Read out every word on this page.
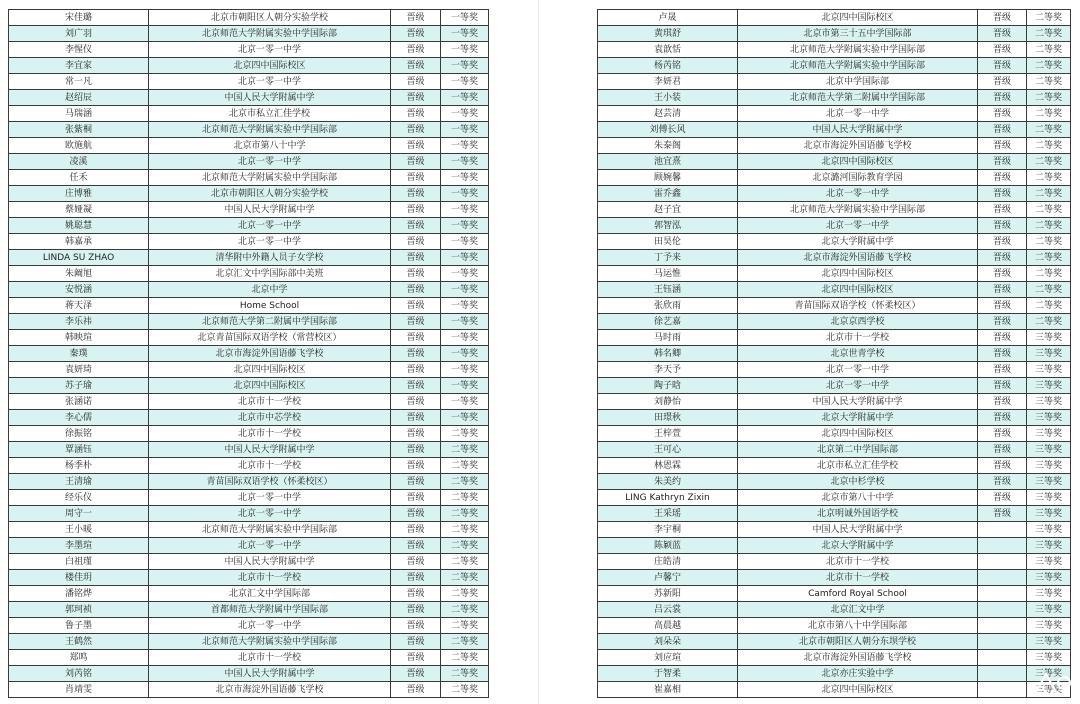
宋佳璐	北京市朝阳区人朝分实验学校	晋级	一等奖
刘广羽	北京师范大学附属实验中学国际部	晋级	一等奖
李惺仪	北京一零一中学	晋级	一等奖
李宜家	北京四中国际校区	晋级	一等奖
常一凡	北京一零一中学	晋级	一等奖
赵绍辰	中国人民大学附属中学	晋级	一等奖
马瑞涵	北京市私立汇佳学校	晋级	一等奖
张紫桐	北京师范大学附属实验中学国际部	晋级	一等奖
欧施航	北京市第八十中学	晋级	一等奖
凌溪	北京一零一中学	晋级	一等奖
任禾	北京师范大学附属实验中学国际部	晋级	一等奖
庄博雅	北京市朝阳区人朝分实验学校	晋级	一等奖
蔡娅凝	中国人民大学附属中学	晋级	一等奖
姚聪慧	北京一零一中学	晋级	一等奖
韩嘉承	北京一零一中学	晋级	一等奖
LINDA SU ZHAO	清华附中外籍人员子女学校	晋级	一等奖
朱阚旭	北京汇文中学国际部中美班	晋级	一等奖
安悦涵	北京中学	晋级	一等奖
蒋天泽	Home School	晋级	一等奖
李乐祎	北京师范大学第二附属中学国际部	晋级	一等奖
韩映瑄	北京青苗国际双语学校（常营校区）	晋级	一等奖
秦璞	北京市海淀外国语藤飞学校	晋级	一等奖
袁妍琦	北京四中国际校区	晋级	一等奖
苏子瑜	北京四中国际校区	晋级	一等奖
张涵诺	北京市十一学校	晋级	一等奖
李心儒	北京市中芯学校	晋级	一等奖
徐振铭	北京市十一学校	晋级	二等奖
覃涵钰	中国人民大学附属中学	晋级	二等奖
杨季朴	北京市十一学校	晋级	二等奖
王清瑜	青苗国际双语学校（怀柔校区）	晋级	二等奖
经乐仪	北京一零一中学	晋级	二等奖
周守一	北京一零一中学	晋级	二等奖
王小暖	北京师范大学附属实验中学国际部	晋级	二等奖
李墨瑄	北京一零一中学	晋级	二等奖
白祖瑾	中国人民大学附属中学	晋级	二等奖
楼佳玥	北京市十一学校	晋级	二等奖
潘铭烨	北京汇文中学国际部	晋级	二等奖
郭珂祯	首都师范大学附属中学国际部	晋级	二等奖
鲁子墨	北京一零一中学	晋级	二等奖
王鹤然	北京师范大学附属实验中学国际部	晋级	二等奖
郑鸣	北京市十一学校	晋级	二等奖
刘芮铭	中国人民大学附属中学	晋级	二等奖
肖靖雯	北京市海淀外国语藤飞学校	晋级	二等奖
卢晟	北京四中国际校区	晋级	二等奖
黄琪舒	北京市第三十五中学国际部	晋级	二等奖
袁歆恬	北京师范大学附属实验中学国际部	晋级	二等奖
杨芮铭	北京师范大学附属实验中学国际部	晋级	二等奖
李妍君	北京中学国际部	晋级	二等奖
王小装	北京师范大学第二附属中学国际部	晋级	二等奖
赵芸清	北京一零一中学	晋级	二等奖
刘傅长风	中国人民大学附属中学	晋级	二等奖
朱泰阁	北京市海淀外国语藤飞学校	晋级	二等奖
池宜熹	北京四中国际校区	晋级	二等奖
顾婉馨	北京潞河国际教育学园	晋级	二等奖
雷乔鑫	北京一零一中学	晋级	二等奖
赵子宜	北京师范大学附属实验中学国际部	晋级	二等奖
郭智泓	北京一零一中学	晋级	二等奖
田昊伦	北京大学附属中学	晋级	二等奖
丁予来	北京市海淀外国语藤飞学校	晋级	二等奖
马运惟	北京四中国际校区	晋级	二等奖
王钰涵	北京四中国际校区	晋级	二等奖
张欣雨	青苗国际双语学校（怀柔校区）	晋级	二等奖
徐艺嘉	北京京西学校	晋级	二等奖
马时雨	北京市十一学校	晋级	三等奖
韩名卿	北京世青学校	晋级	三等奖
李天予	北京一零一中学	晋级	三等奖
陶子晗	北京一零一中学	晋级	三等奖
刘静怡	中国人民大学附属中学	晋级	三等奖
田璟秋	北京大学附属中学	晋级	三等奖
王梓萱	北京四中国际校区	晋级	三等奖
王可心	北京第二中学国际部	晋级	三等奖
林恩霖	北京市私立汇佳学校	晋级	三等奖
朱美约	北京中杉学校	晋级	三等奖
LING Kathryn Zixin	北京市第八十中学	晋级	三等奖
王采瑶	北京明诚外国语学校	晋级	三等奖
李宇桐	中国人民大学附属中学		三等奖
陈颖蓝	北京大学附属中学		三等奖
庄皓清	北京市十一学校		三等奖
卢馨宁	北京市十一学校		三等奖
苏新阳	Camford Royal School		三等奖
吕云裳	北京汇文中学		三等奖
高晨越	北京市第八十中学国际部		三等奖
刘朵朵	北京市朝阳区人朝分东坝学校		三等奖
刘应瑄	北京市海淀外国语藤飞学校		三等奖
于智柔	北京亦庄实验中学		三等奖
崔嘉相	北京四中国际校区		三等奖
